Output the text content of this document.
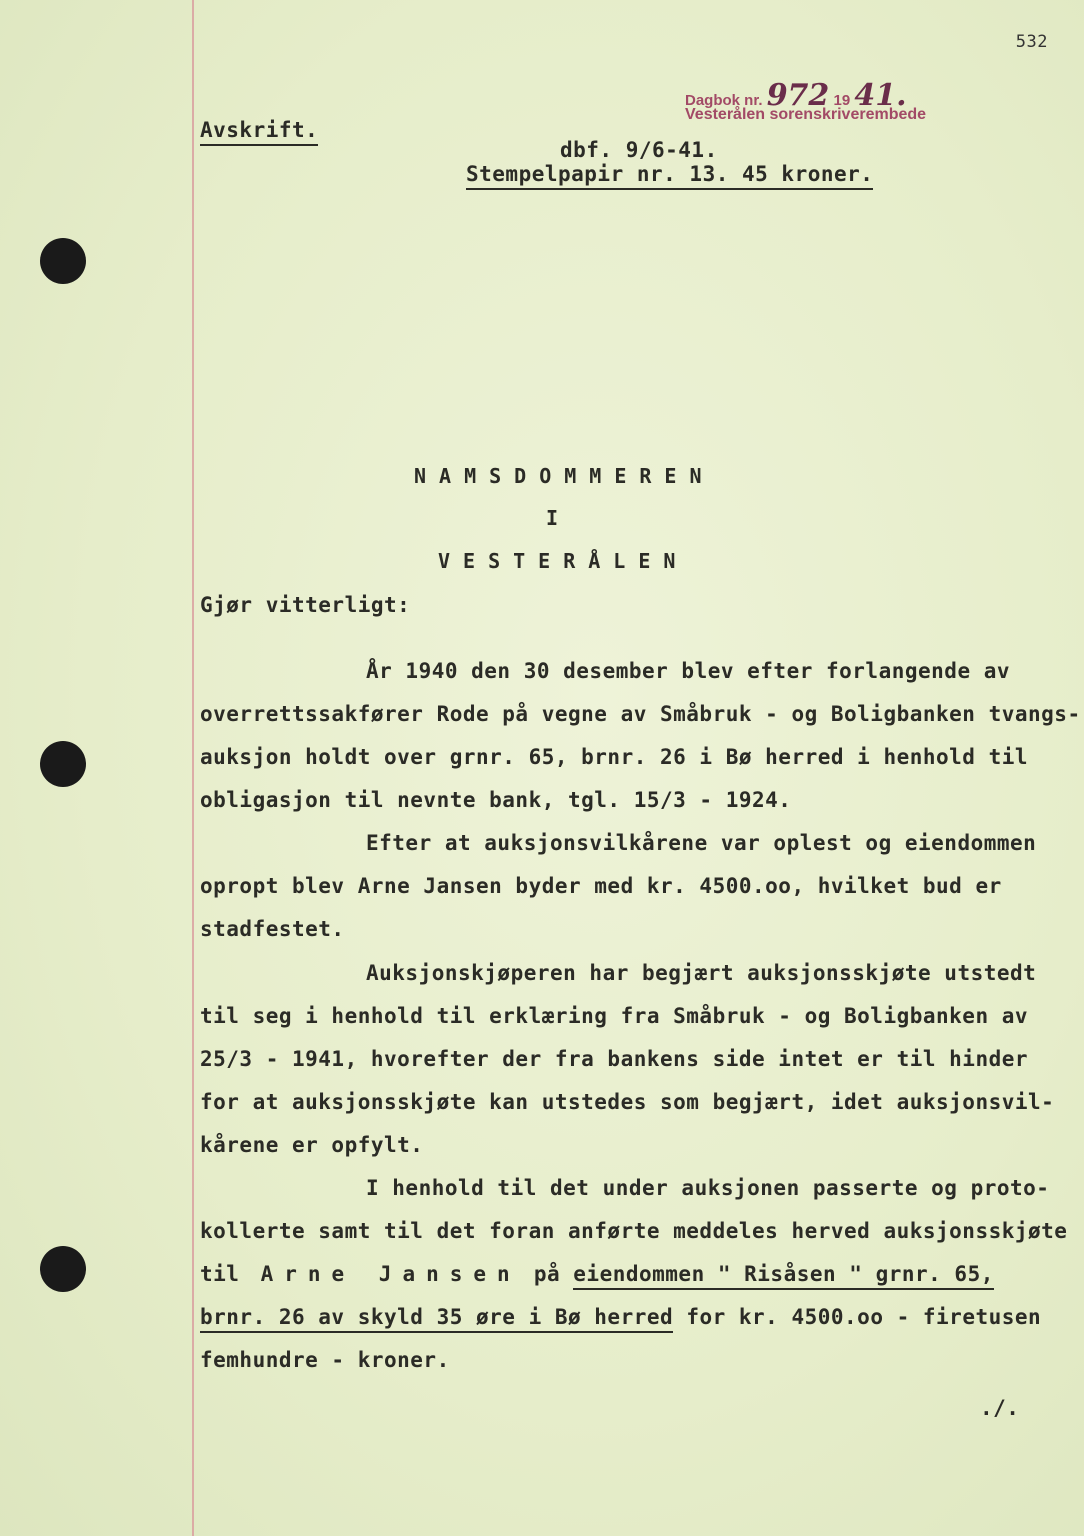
532
Dagbok nr. 972 19 41.
Vesterålen sorenskriverembede
Avskrift.
dbf. 9/6-41.
Stempelpapir nr. 13. 45 kroner.
NAMSDOMMEREN
I
VESTERÅLEN
Gjør vitterligt:
År 1940 den 30 desember blev efter forlangende av
overrettssakfører Rode på vegne av Småbruk - og Boligbanken tvangs-
auksjon holdt over grnr. 65, brnr. 26 i Bø herred i henhold til
obligasjon til nevnte bank, tgl. 15/3 - 1924.
Efter at auksjonsvilkårene var oplest og eiendommen
opropt blev Arne Jansen byder med kr. 4500.oo, hvilket bud er
stadfestet.
Auksjonskjøperen har begjært auksjonsskjøte utstedt
til seg i henhold til erklæring fra Småbruk - og Boligbanken av
25/3 - 1941, hvorefter der fra bankens side intet er til hinder
for at auksjonsskjøte kan utstedes som begjært, idet auksjonsvil-
kårene er opfylt.
I henhold til det under auksjonen passerte og proto-
kollerte samt til det foran anførte meddeles herved auksjonsskjøte
til Arne Jansen på eiendommen " Risåsen " grnr. 65,
brnr. 26 av skyld 35 øre i Bø herred for kr. 4500.oo - firetusen
femhundre - kroner.
./.
